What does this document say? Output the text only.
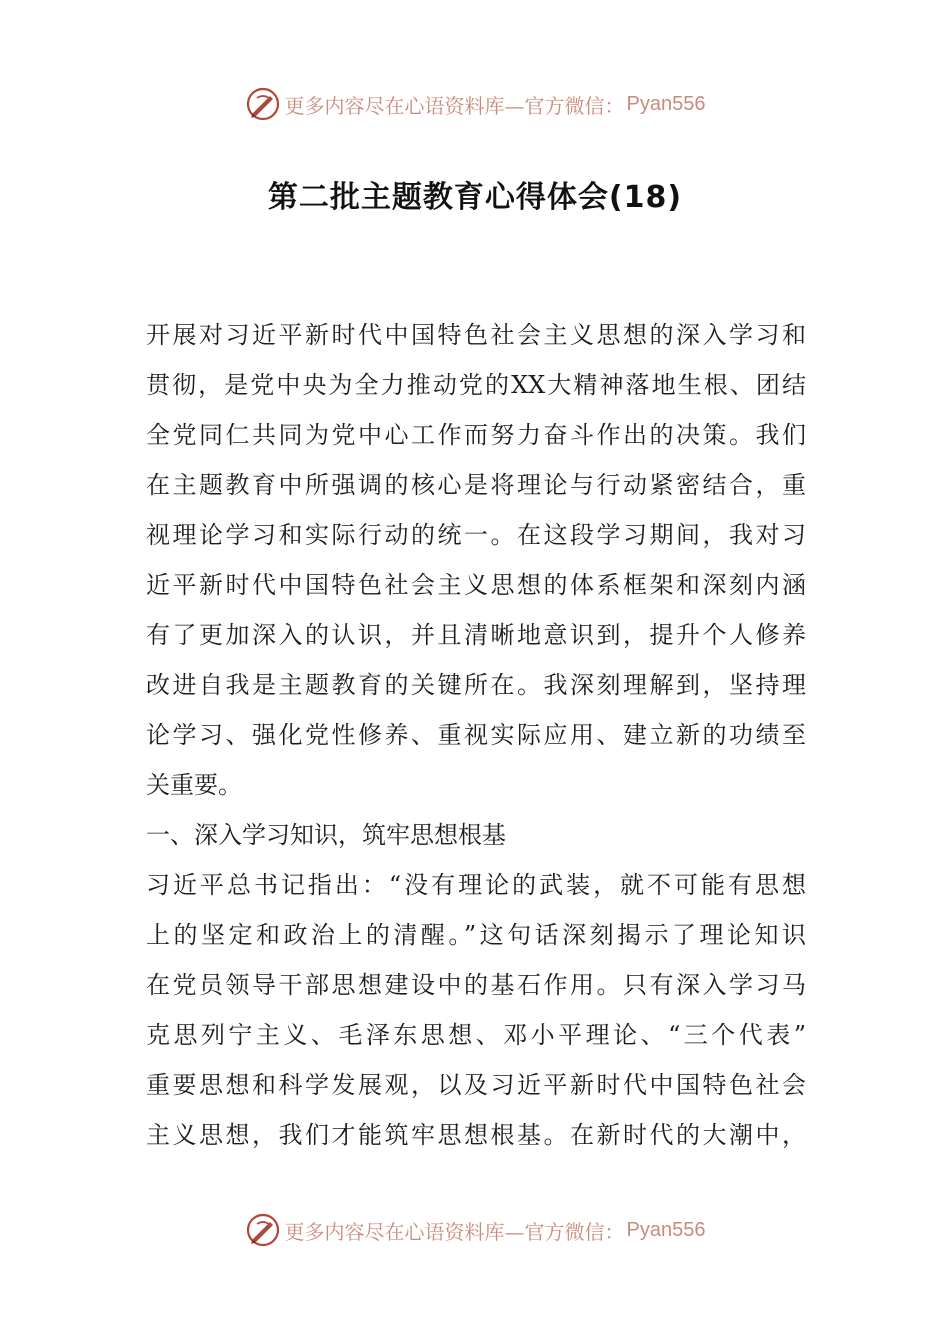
更多内容尽在心语资料库—官方微信： Pyan556
第二批主题教育心得体会(18)
开展对习近平新时代中国特色社会主义思想的深入学习和
贯彻，是党中央为全力推动党的XX大精神落地生根、团结
全党同仁共同为党中心工作而努力奋斗作出的决策。我们
在主题教育中所强调的核心是将理论与行动紧密结合，重
视理论学习和实际行动的统一。在这段学习期间，我对习
近平新时代中国特色社会主义思想的体系框架和深刻内涵
有了更加深入的认识，并且清晰地意识到，提升个人修养
改进自我是主题教育的关键所在。我深刻理解到，坚持理
论学习、强化党性修养、重视实际应用、建立新的功绩至
关重要。
一、深入学习知识，筑牢思想根基
习近平总书记指出：“没有理论的武装，就不可能有思想
上的坚定和政治上的清醒。”这句话深刻揭示了理论知识
在党员领导干部思想建设中的基石作用。只有深入学习马
克思列宁主义、毛泽东思想、邓小平理论、“三个代表”
重要思想和科学发展观，以及习近平新时代中国特色社会
主义思想，我们才能筑牢思想根基。在新时代的大潮中，
更多内容尽在心语资料库—官方微信： Pyan556
